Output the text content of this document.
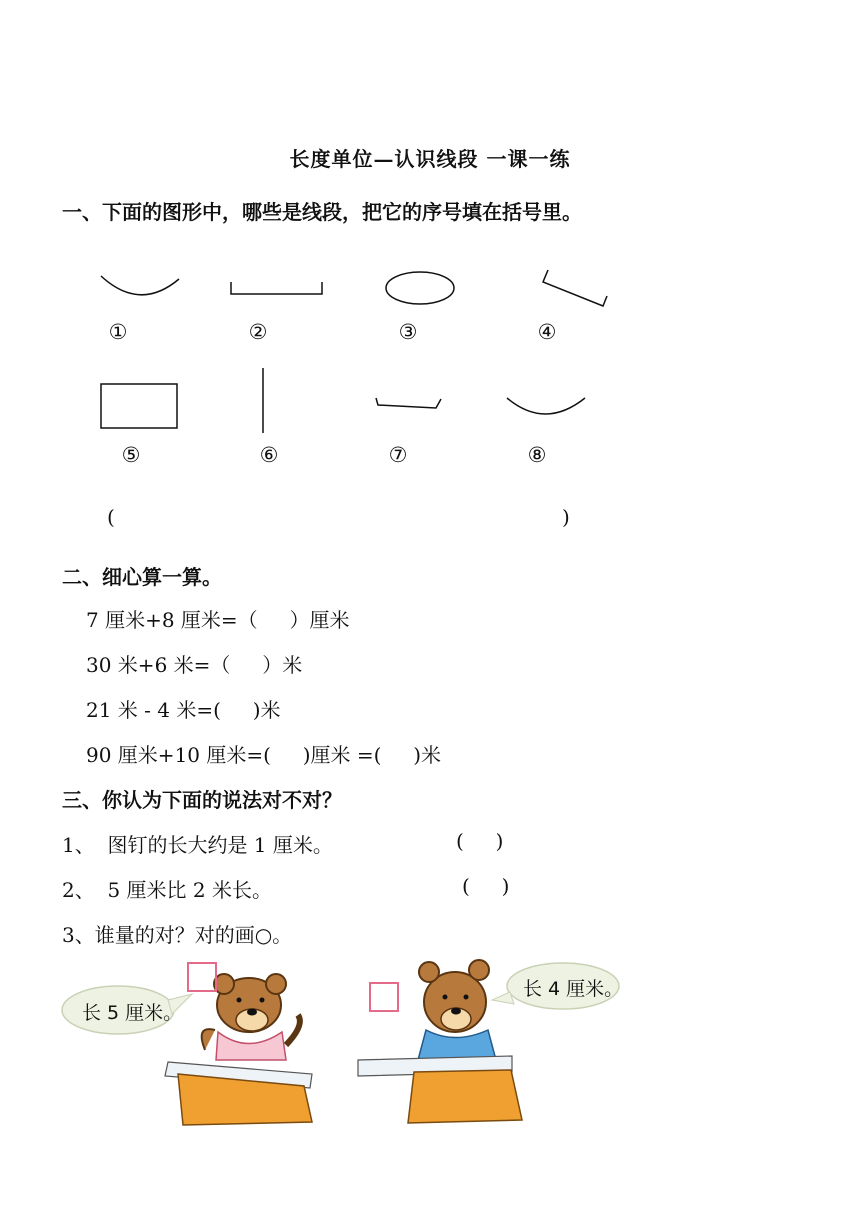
长度单位—认识线段 一课一练
一、下面的图形中，哪些是线段，把它的序号填在括号里。
①	②	③	④
⑤	⑥	⑦	⑧
(	)
二、细心算一算。
7 厘米+8 厘米=（     ）厘米
30 米+6 米=（     ）米
21 米 - 4 米=(     )米
90 厘米+10 厘米=(     )厘米 =(     )米
三、你认为下面的说法对不对？
1、  图钉的长大约是 1 厘米。	(     )
2、  5 厘米比 2 米长。	(     )
3、谁量的对？对的画○。
长 5 厘米。
长 4 厘米。
